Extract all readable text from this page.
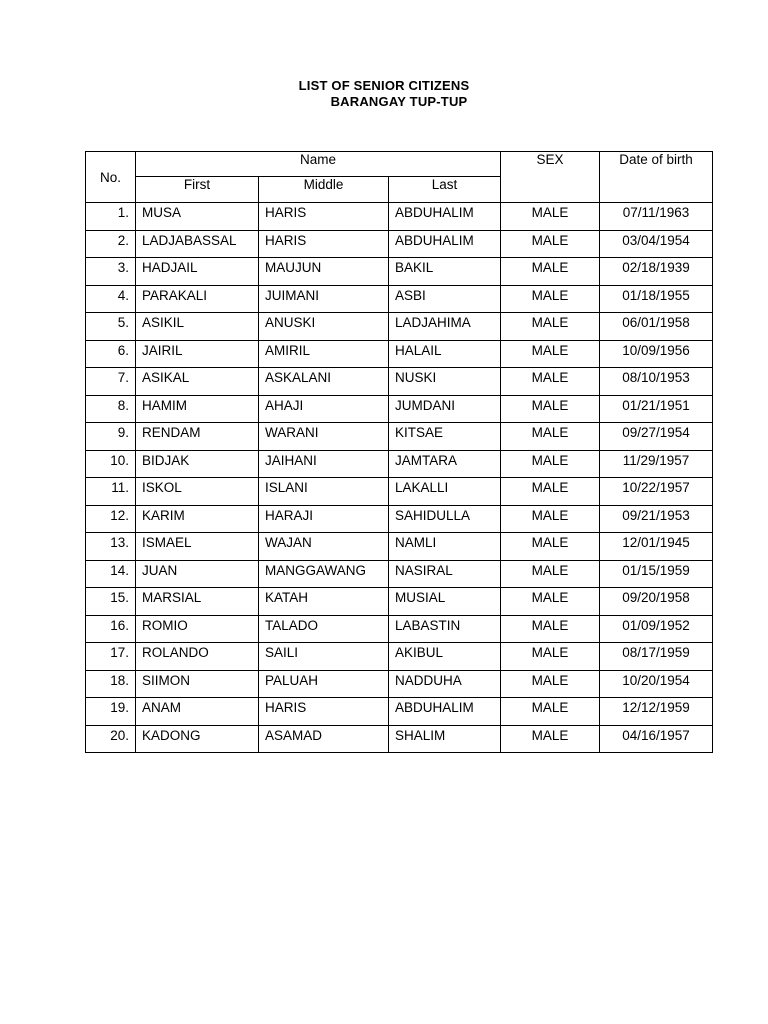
LIST OF SENIOR CITIZENS
BARANGAY TUP-TUP
No.	Name			SEX	Date of birth
	First	Middle	Last		
1.	MUSA	HARIS	ABDUHALIM	MALE	07/11/1963
2.	LADJABASSAL	HARIS	ABDUHALIM	MALE	03/04/1954
3.	HADJAIL	MAUJUN	BAKIL	MALE	02/18/1939
4.	PARAKALI	JUIMANI	ASBI	MALE	01/18/1955
5.	ASIKIL	ANUSKI	LADJAHIMA	MALE	06/01/1958
6.	JAIRIL	AMIRIL	HALAIL	MALE	10/09/1956
7.	ASIKAL	ASKALANI	NUSKI	MALE	08/10/1953
8.	HAMIM	AHAJI	JUMDANI	MALE	01/21/1951
9.	RENDAM	WARANI	KITSAE	MALE	09/27/1954
10.	BIDJAK	JAIHANI	JAMTARA	MALE	11/29/1957
11.	ISKOL	ISLANI	LAKALLI	MALE	10/22/1957
12.	KARIM	HARAJI	SAHIDULLA	MALE	09/21/1953
13.	ISMAEL	WAJAN	NAMLI	MALE	12/01/1945
14.	JUAN	MANGGAWANG	NASIRAL	MALE	01/15/1959
15.	MARSIAL	KATAH	MUSIAL	MALE	09/20/1958
16.	ROMIO	TALADO	LABASTIN	MALE	01/09/1952
17.	ROLANDO	SAILI	AKIBUL	MALE	08/17/1959
18.	SIIMON	PALUAH	NADDUHA	MALE	10/20/1954
19.	ANAM	HARIS	ABDUHALIM	MALE	12/12/1959
20.	KADONG	ASAMAD	SHALIM	MALE	04/16/1957
